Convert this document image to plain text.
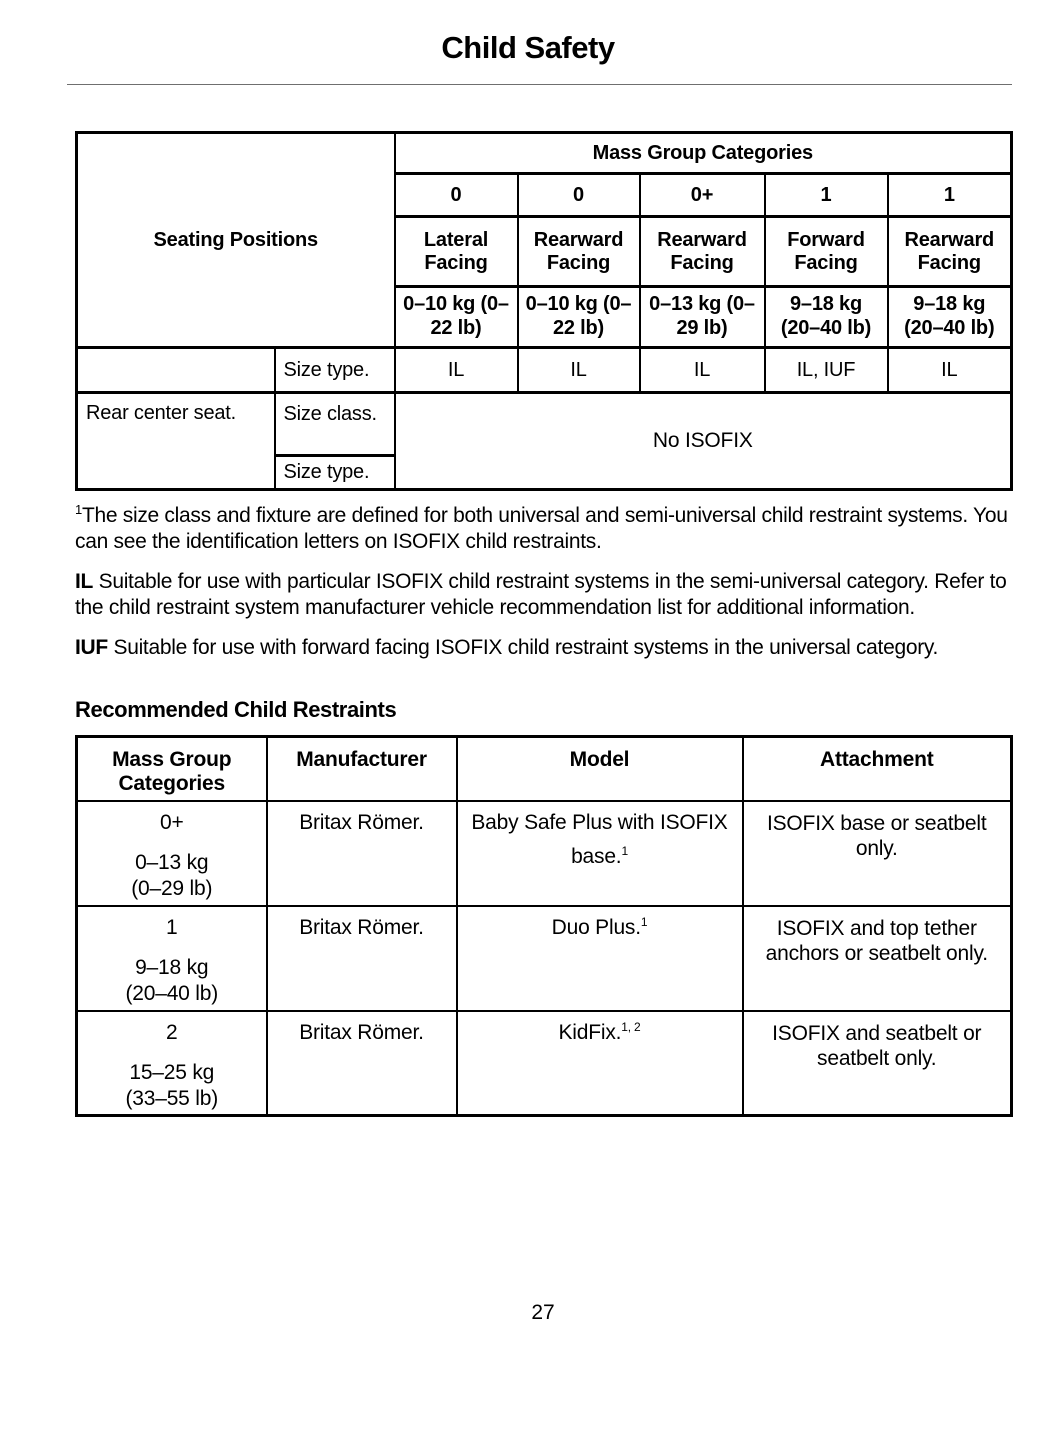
Child Safety
Seating Positions		Mass Group Categories				
		0	0	0+	1	1
		Lateral Facing	Rearward Facing	Rearward Facing	Forward Facing	Rearward Facing
		0–10 kg (0–22 lb)	0–10 kg (0–22 lb)	0–13 kg (0–29 lb)	9–18 kg (20–40 lb)	9–18 kg (20–40 lb)
	Size type.	IL	IL	IL	IL, IUF	IL
Rear center seat.	Size class.	No ISOFIX				
	Size type.					

$^1$The size class and fixture are defined for both universal and semi-universal child restraint systems. You can see the identification letters on ISOFIX child restraints.

IL Suitable for use with particular ISOFIX child restraint systems in the semi-universal category. Refer to the child restraint system manufacturer vehicle recommendation list for additional information.

IUF Suitable for use with forward facing ISOFIX child restraint systems in the universal category.

Recommended Child Restraints
Mass Group Categories	Manufacturer	Model	Attachment

0+
0–13 kg
(0–29 lb)	Britax Römer.	Baby Safe Plus with ISOFIX base.$^1$	ISOFIX base or seatbelt only.

1
9–18 kg
(20–40 lb)	Britax Römer.	Duo Plus.$^1$	ISOFIX and top tether anchors or seatbelt only.

2
15–25 kg
(33–55 lb)	Britax Römer.	KidFix.$^{1, 2}$	ISOFIX and seatbelt or seatbelt only.
27
